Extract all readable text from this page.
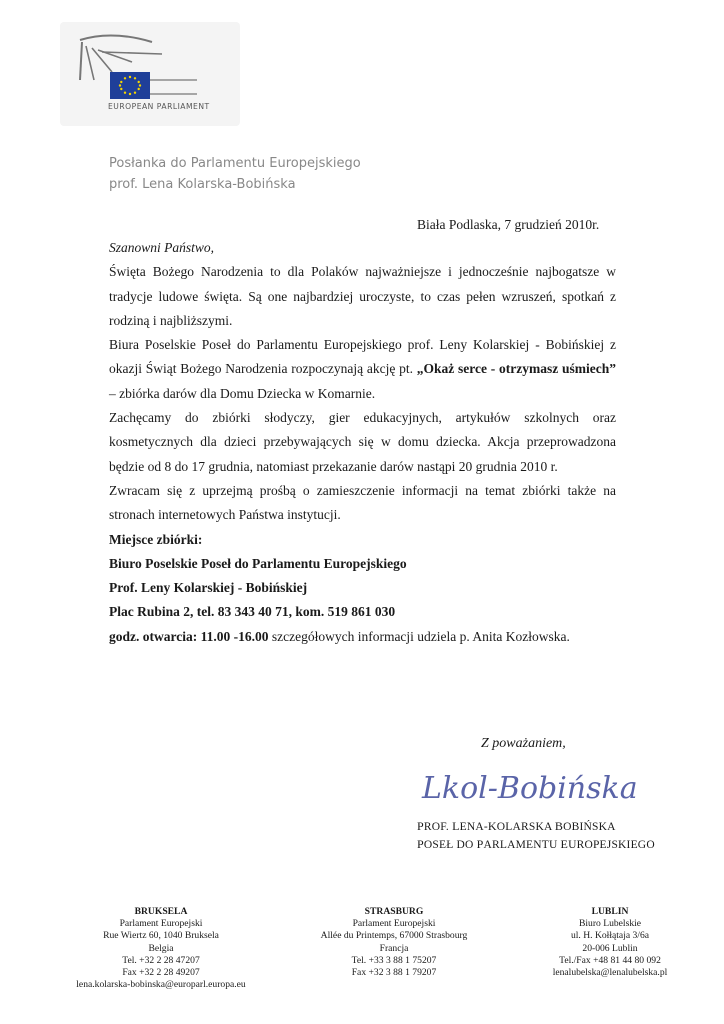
EUROPEAN PARLIAMENT
Posłanka do Parlamentu Europejskiego
prof. Lena Kolarska-Bobińska
Biała Podlaska, 7 grudzień 2010r.

Szanowni Państwo,

Święta Bożego Narodzenia to dla Polaków najważniejsze i jednocześnie najbogatsze w tradycje ludowe święta. Są one najbardziej uroczyste, to czas pełen wzruszeń, spotkań z rodziną i najbliższymi.

Biura Poselskie Poseł do Parlamentu Europejskiego prof. Leny Kolarskiej - Bobińskiej z okazji Świąt Bożego Narodzenia rozpoczynają akcję pt. „Okaż serce - otrzymasz uśmiech” – zbiórka darów dla Domu Dziecka w Komarnie.

Zachęcamy do zbiórki słodyczy, gier edukacyjnych, artykułów szkolnych oraz kosmetycznych dla dzieci przebywających się w domu dziecka. Akcja przeprowadzona będzie od 8 do 17 grudnia, natomiast przekazanie darów nastąpi 20 grudnia 2010 r.

Zwracam się z uprzejmą prośbą o zamieszczenie informacji na temat zbiórki także na stronach internetowych Państwa instytucji.

Miejsce zbiórki:

Biuro Poselskie Poseł do Parlamentu Europejskiego

Prof. Leny Kolarskiej - Bobińskiej

Plac Rubina 2, tel. 83 343 40 71, kom. 519 861 030

godz. otwarcia: 11.00 -16.00 szczegółowych informacji udziela p. Anita Kozłowska.

Z poważaniem,
Lkol-Bobińska
PROF. LENA-KOLARSKA BOBIŃSKA
POSEŁ DO PARLAMENTU EUROPEJSKIEGO
BRUKSELA
Parlament Europejski
Rue Wiertz 60, 1040 Bruksela
Belgia
Tel. +32 2 28 47207
Fax +32 2 28 49207
lena.kolarska-bobinska@europarl.europa.eu
STRASBURG
Parlament Europejski
Allée du Printemps, 67000 Strasbourg
Francja
Tel. +33 3 88 1 75207
Fax +32 3 88 1 79207
LUBLIN
Biuro Lubelskie
ul. H. Kołłątaja 3/6a
20-006 Lublin
Tel./Fax +48 81 44 80 092
lenalubelska@lenalubelska.pl
